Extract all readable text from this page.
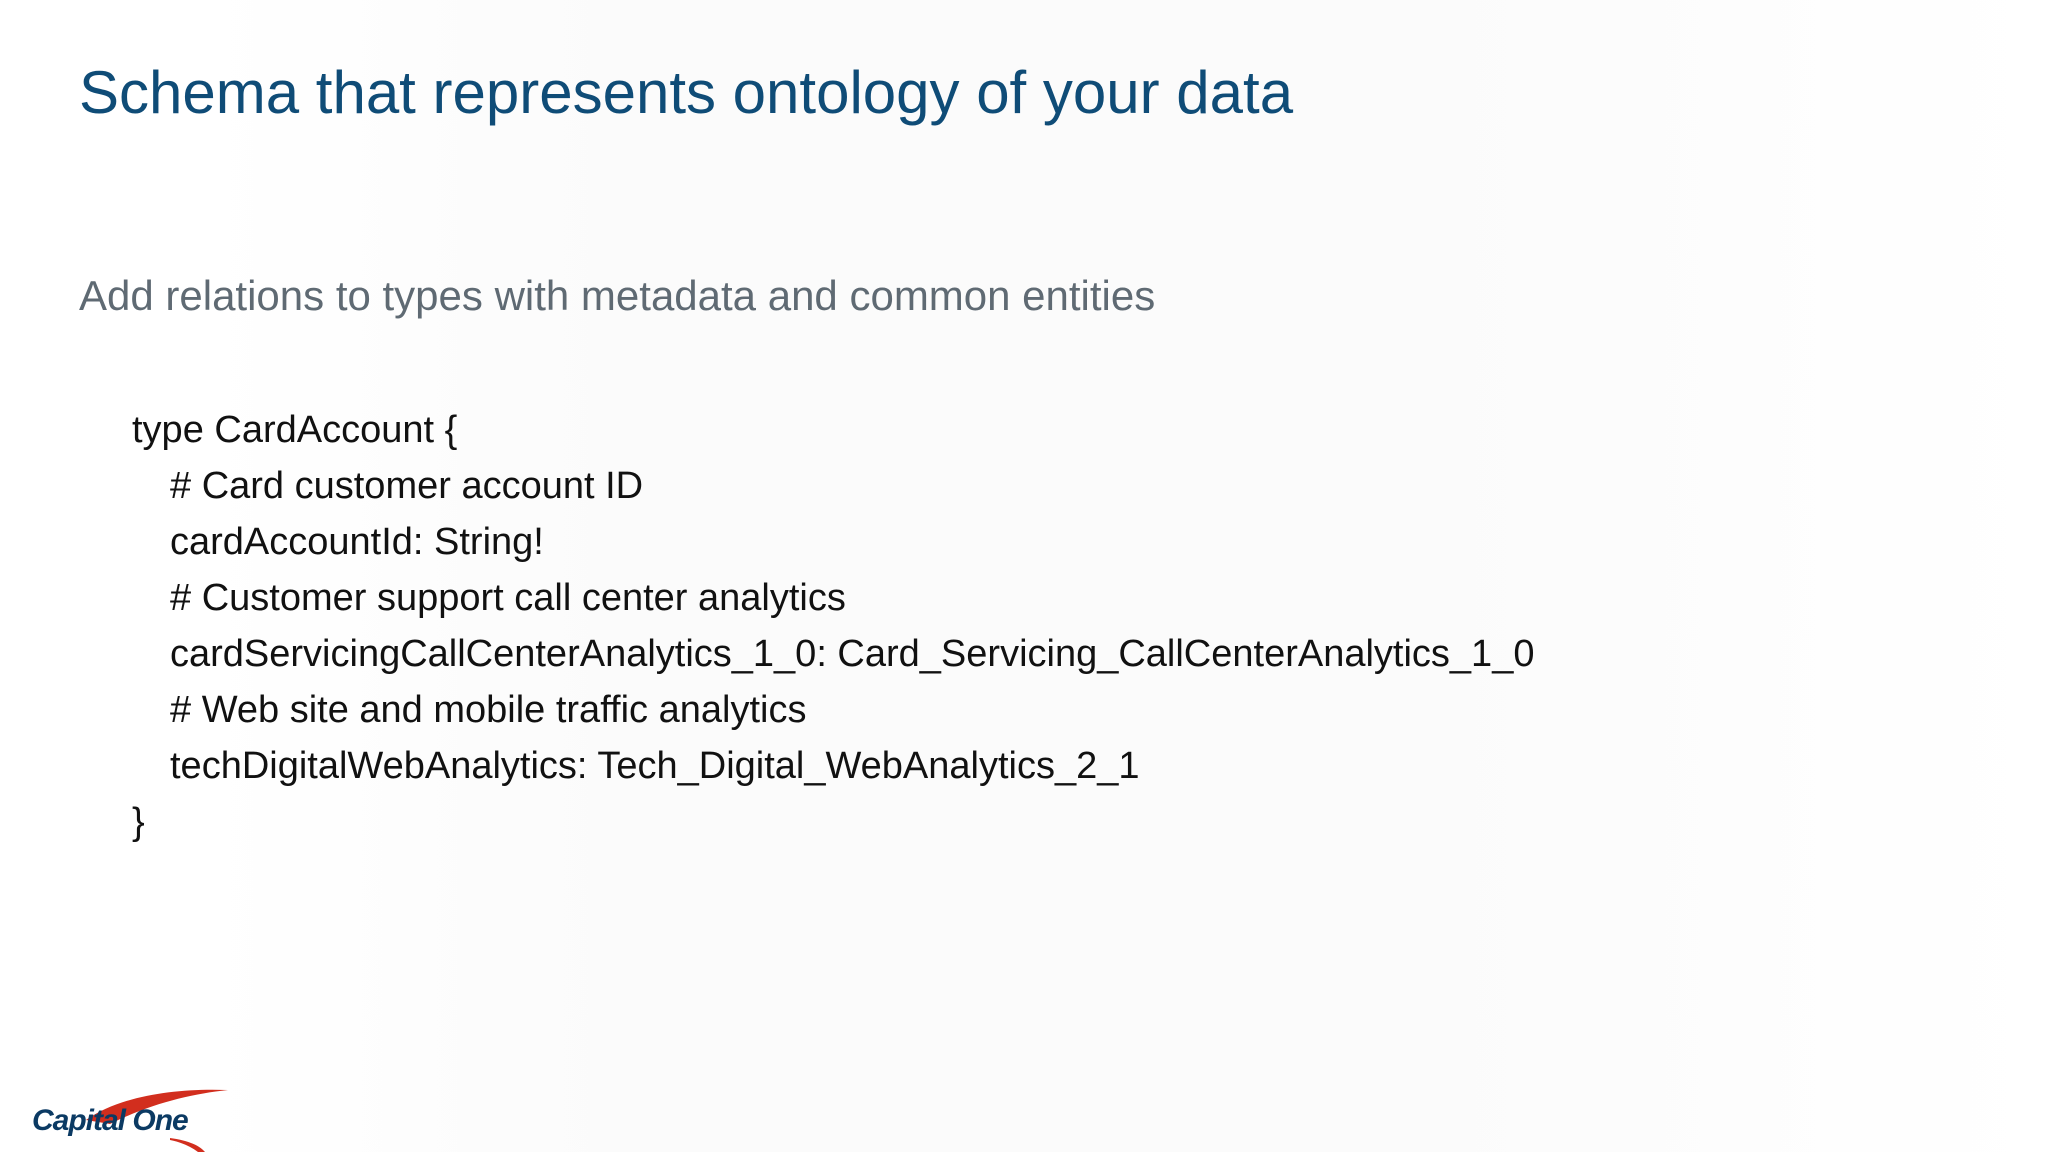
Schema that represents ontology of your data

Add relations to types with metadata and common entities

type CardAccount {
# Card customer account ID
cardAccountId: String!
# Customer support call center analytics
cardServicingCallCenterAnalytics_1_0: Card_Servicing_CallCenterAnalytics_1_0
# Web site and mobile traffic analytics
techDigitalWebAnalytics: Tech_Digital_WebAnalytics_2_1
}
Capital One
